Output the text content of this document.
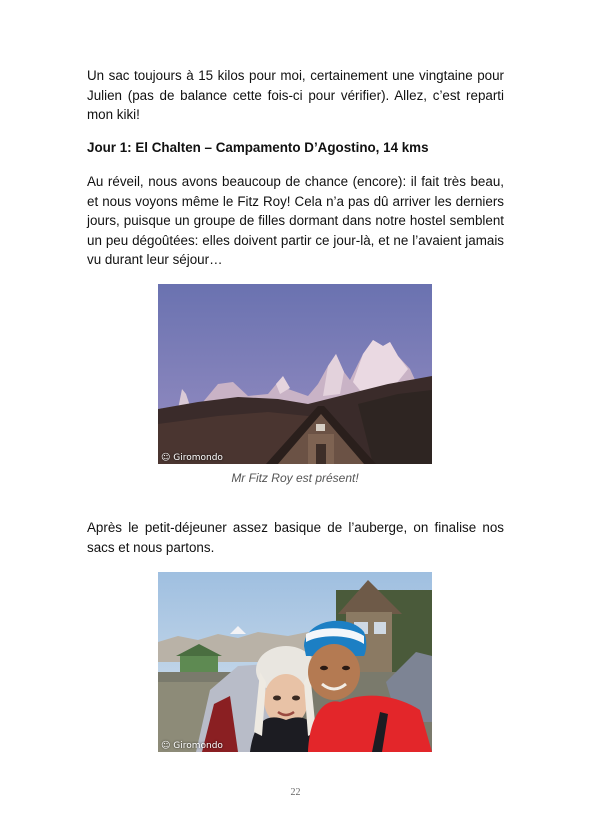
Un sac toujours à 15 kilos pour moi, certainement une vingtaine pour Julien (pas de balance cette fois-ci pour vérifier). Allez, c’est reparti mon kiki!

Jour 1: El Chalten – Campamento D’Agostino, 14 kms

Au réveil, nous avons beaucoup de chance (encore): il fait très beau, et nous voyons même le Fitz Roy! Cela n’a pas dû arriver les derniers jours, puisque un groupe de filles dormant dans notre hostel semblent un peu dégoûtées: elles doivent partir ce jour-là, et ne l’avaient jamais vu durant leur séjour…

☺ Giromondo
Mr Fitz Roy est présent!

Après le petit-déjeuner assez basique de l’auberge, on finalise nos sacs et nous partons.

☺ Giromondo
22
